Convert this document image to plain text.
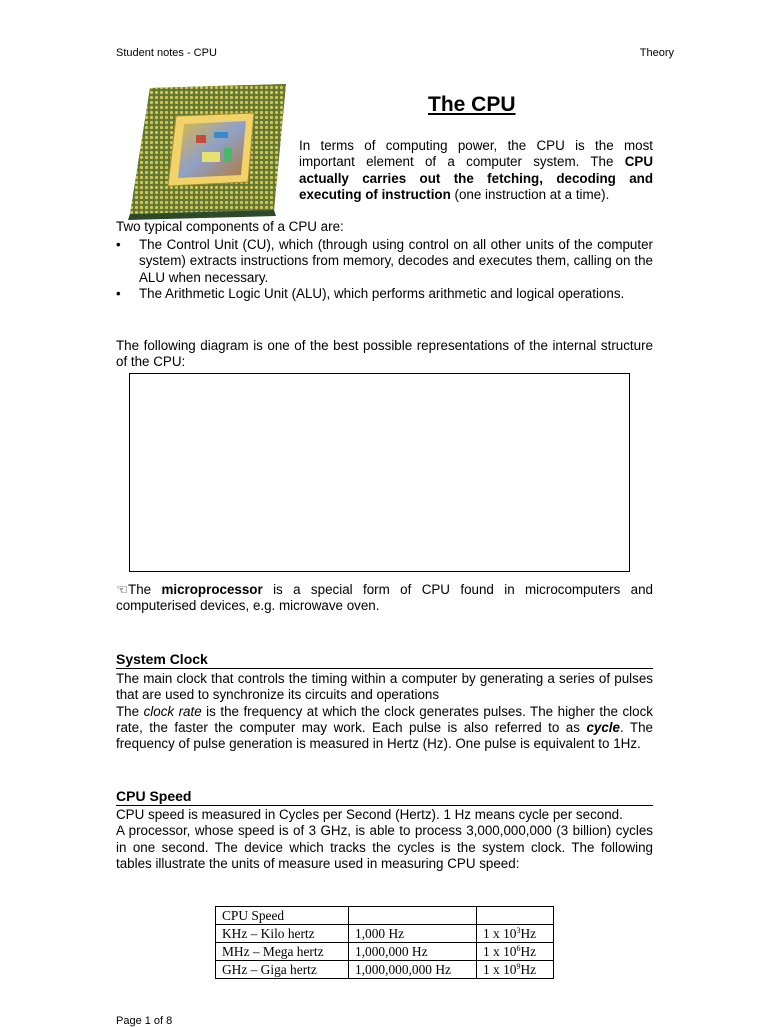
Student notes - CPU	Theory
The CPU
In terms of computing power, the CPU is the most important element of a computer system. The CPU actually carries out the fetching, decoding and executing of instruction (one instruction at a time).
Two typical components of a CPU are:
• The Control Unit (CU), which (through using control on all other units of the computer system) extracts instructions from memory, decodes and executes them, calling on the ALU when necessary.
• The Arithmetic Logic Unit (ALU), which performs arithmetic and logical operations.
The following diagram is one of the best possible representations of the internal structure of the CPU:
☜The microprocessor is a special form of CPU found in microcomputers and computerised devices, e.g. microwave oven.
System Clock
The main clock that controls the timing within a computer by generating a series of pulses that are used to synchronize its circuits and operations
The clock rate is the frequency at which the clock generates pulses. The higher the clock rate, the faster the computer may work. Each pulse is also referred to as cycle. The frequency of pulse generation is measured in Hertz (Hz). One pulse is equivalent to 1Hz.
CPU Speed
CPU speed is measured in Cycles per Second (Hertz). 1 Hz means cycle per second.
A processor, whose speed is of 3 GHz, is able to process 3,000,000,000 (3 billion) cycles in one second. The device which tracks the cycles is the system clock. The following tables illustrate the units of measure used in measuring CPU speed:
CPU Speed		
KHz – Kilo hertz	1,000 Hz	1 x $10^3Hz$
MHz – Mega hertz	1,000,000 Hz	1 x $10^6Hz$
GHz – Giga hertz	1,000,000,000 Hz	1 x $10^9Hz$
Page 1 of 8
